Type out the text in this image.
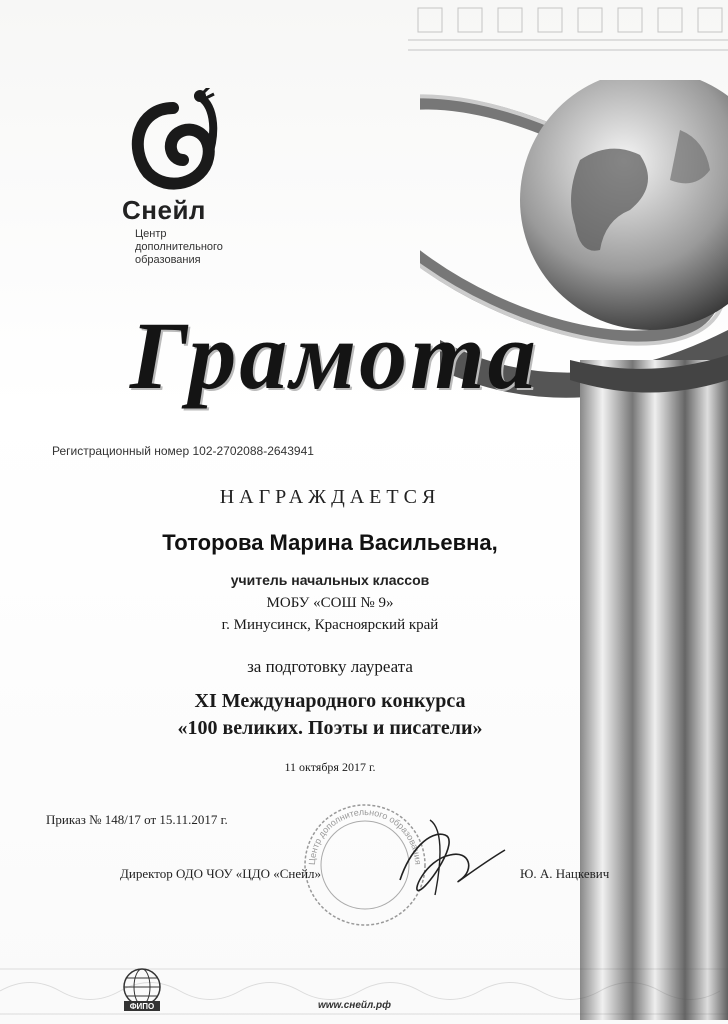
Снейл
Центр
дополнительного
образования
Грамота
Регистрационный номер 102-2702088-2643941
НАГРАЖДАЕТСЯ
Тоторова Марина Васильевна,
учитель начальных классов
МОБУ «СОШ № 9»
г. Минусинск, Красноярский край
за подготовку лауреата
XI Международного конкурса
«100 великих. Поэты и писатели»
11 октября 2017 г.
Приказ № 148/17 от 15.11.2017 г.
Центр дополнительного образования
Директор ОДО ЧОУ «ЦДО «Снейл»	Ю. А. Нацкевич
ФИПО	www.снейл.рф
